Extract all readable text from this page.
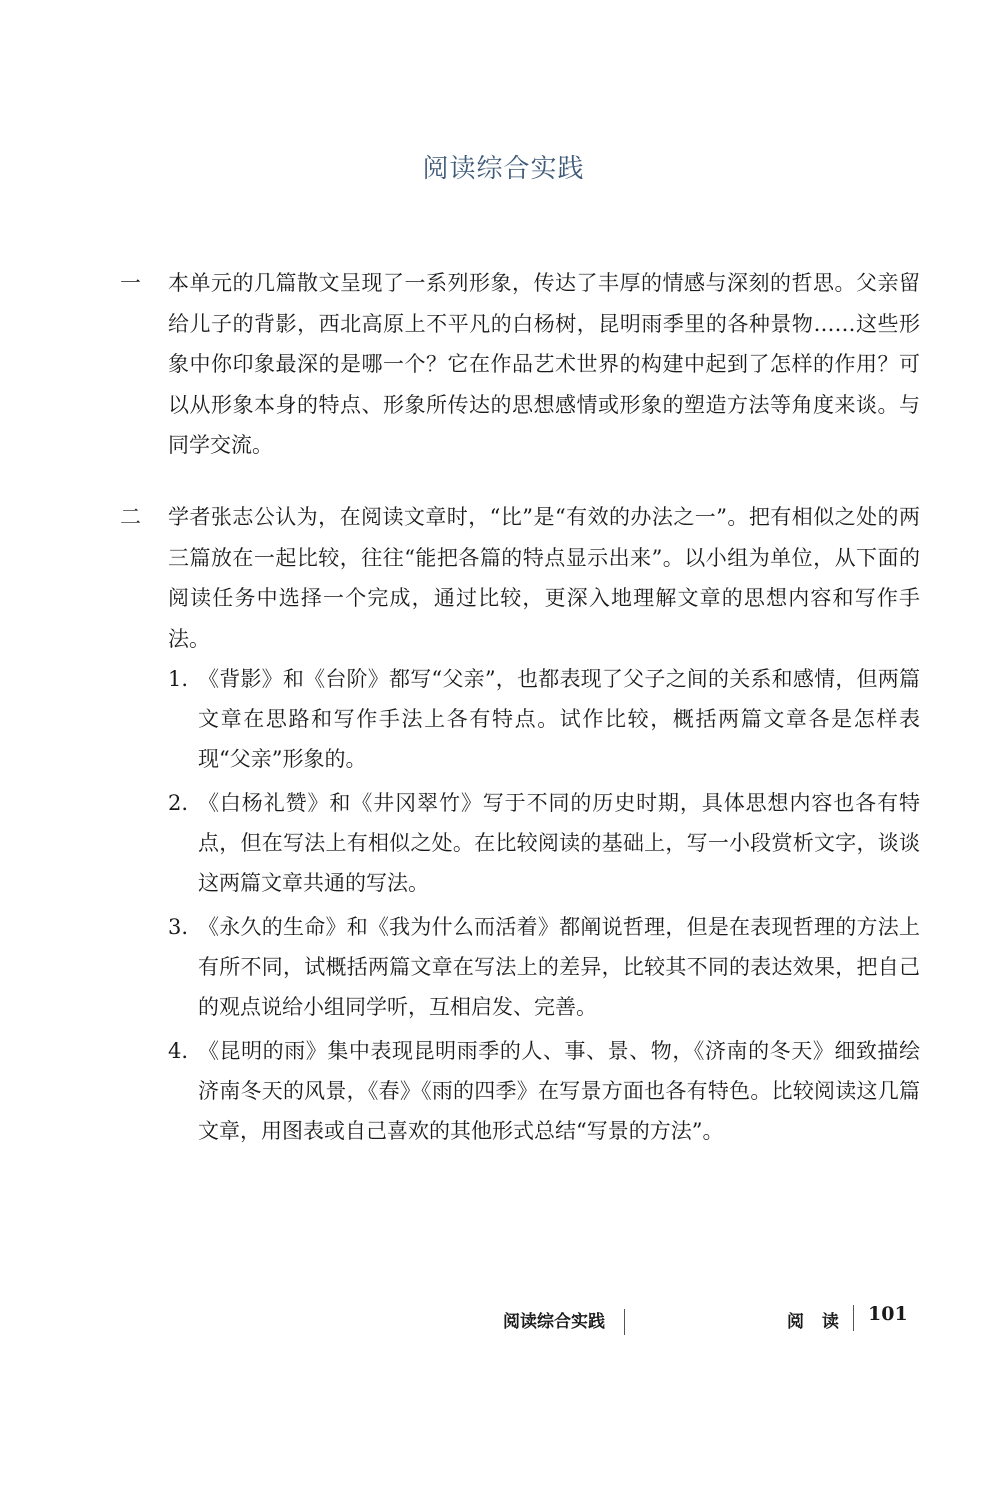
阅读综合实践
一	本单元的几篇散文呈现了一系列形象，传达了丰厚的情感与深刻的哲思。父亲留给儿子的背影，西北高原上不平凡的白杨树，昆明雨季里的各种景物……这些形象中你印象最深的是哪一个？它在作品艺术世界的构建中起到了怎样的作用？可以从形象本身的特点、形象所传达的思想感情或形象的塑造方法等角度来谈。与同学交流。
二	学者张志公认为，在阅读文章时，“比”是“有效的办法之一”。把有相似之处的两三篇放在一起比较，往往“能把各篇的特点显示出来”。以小组为单位，从下面的阅读任务中选择一个完成，通过比较，更深入地理解文章的思想内容和写作手法。
1. 《背影》和《台阶》都写“父亲”，也都表现了父子之间的关系和感情，但两篇文章在思路和写作手法上各有特点。试作比较，概括两篇文章各是怎样表现“父亲”形象的。
2. 《白杨礼赞》和《井冈翠竹》写于不同的历史时期，具体思想内容也各有特点，但在写法上有相似之处。在比较阅读的基础上，写一小段赏析文字，谈谈这两篇文章共通的写法。
3. 《永久的生命》和《我为什么而活着》都阐说哲理，但是在表现哲理的方法上有所不同，试概括两篇文章在写法上的差异，比较其不同的表达效果，把自己的观点说给小组同学听，互相启发、完善。
4. 《昆明的雨》集中表现昆明雨季的人、事、景、物，《济南的冬天》细致描绘济南冬天的风景，《春》《雨的四季》在写景方面也各有特色。比较阅读这几篇文章，用图表或自己喜欢的其他形式总结“写景的方法”。
阅读综合实践	阅 读 101
